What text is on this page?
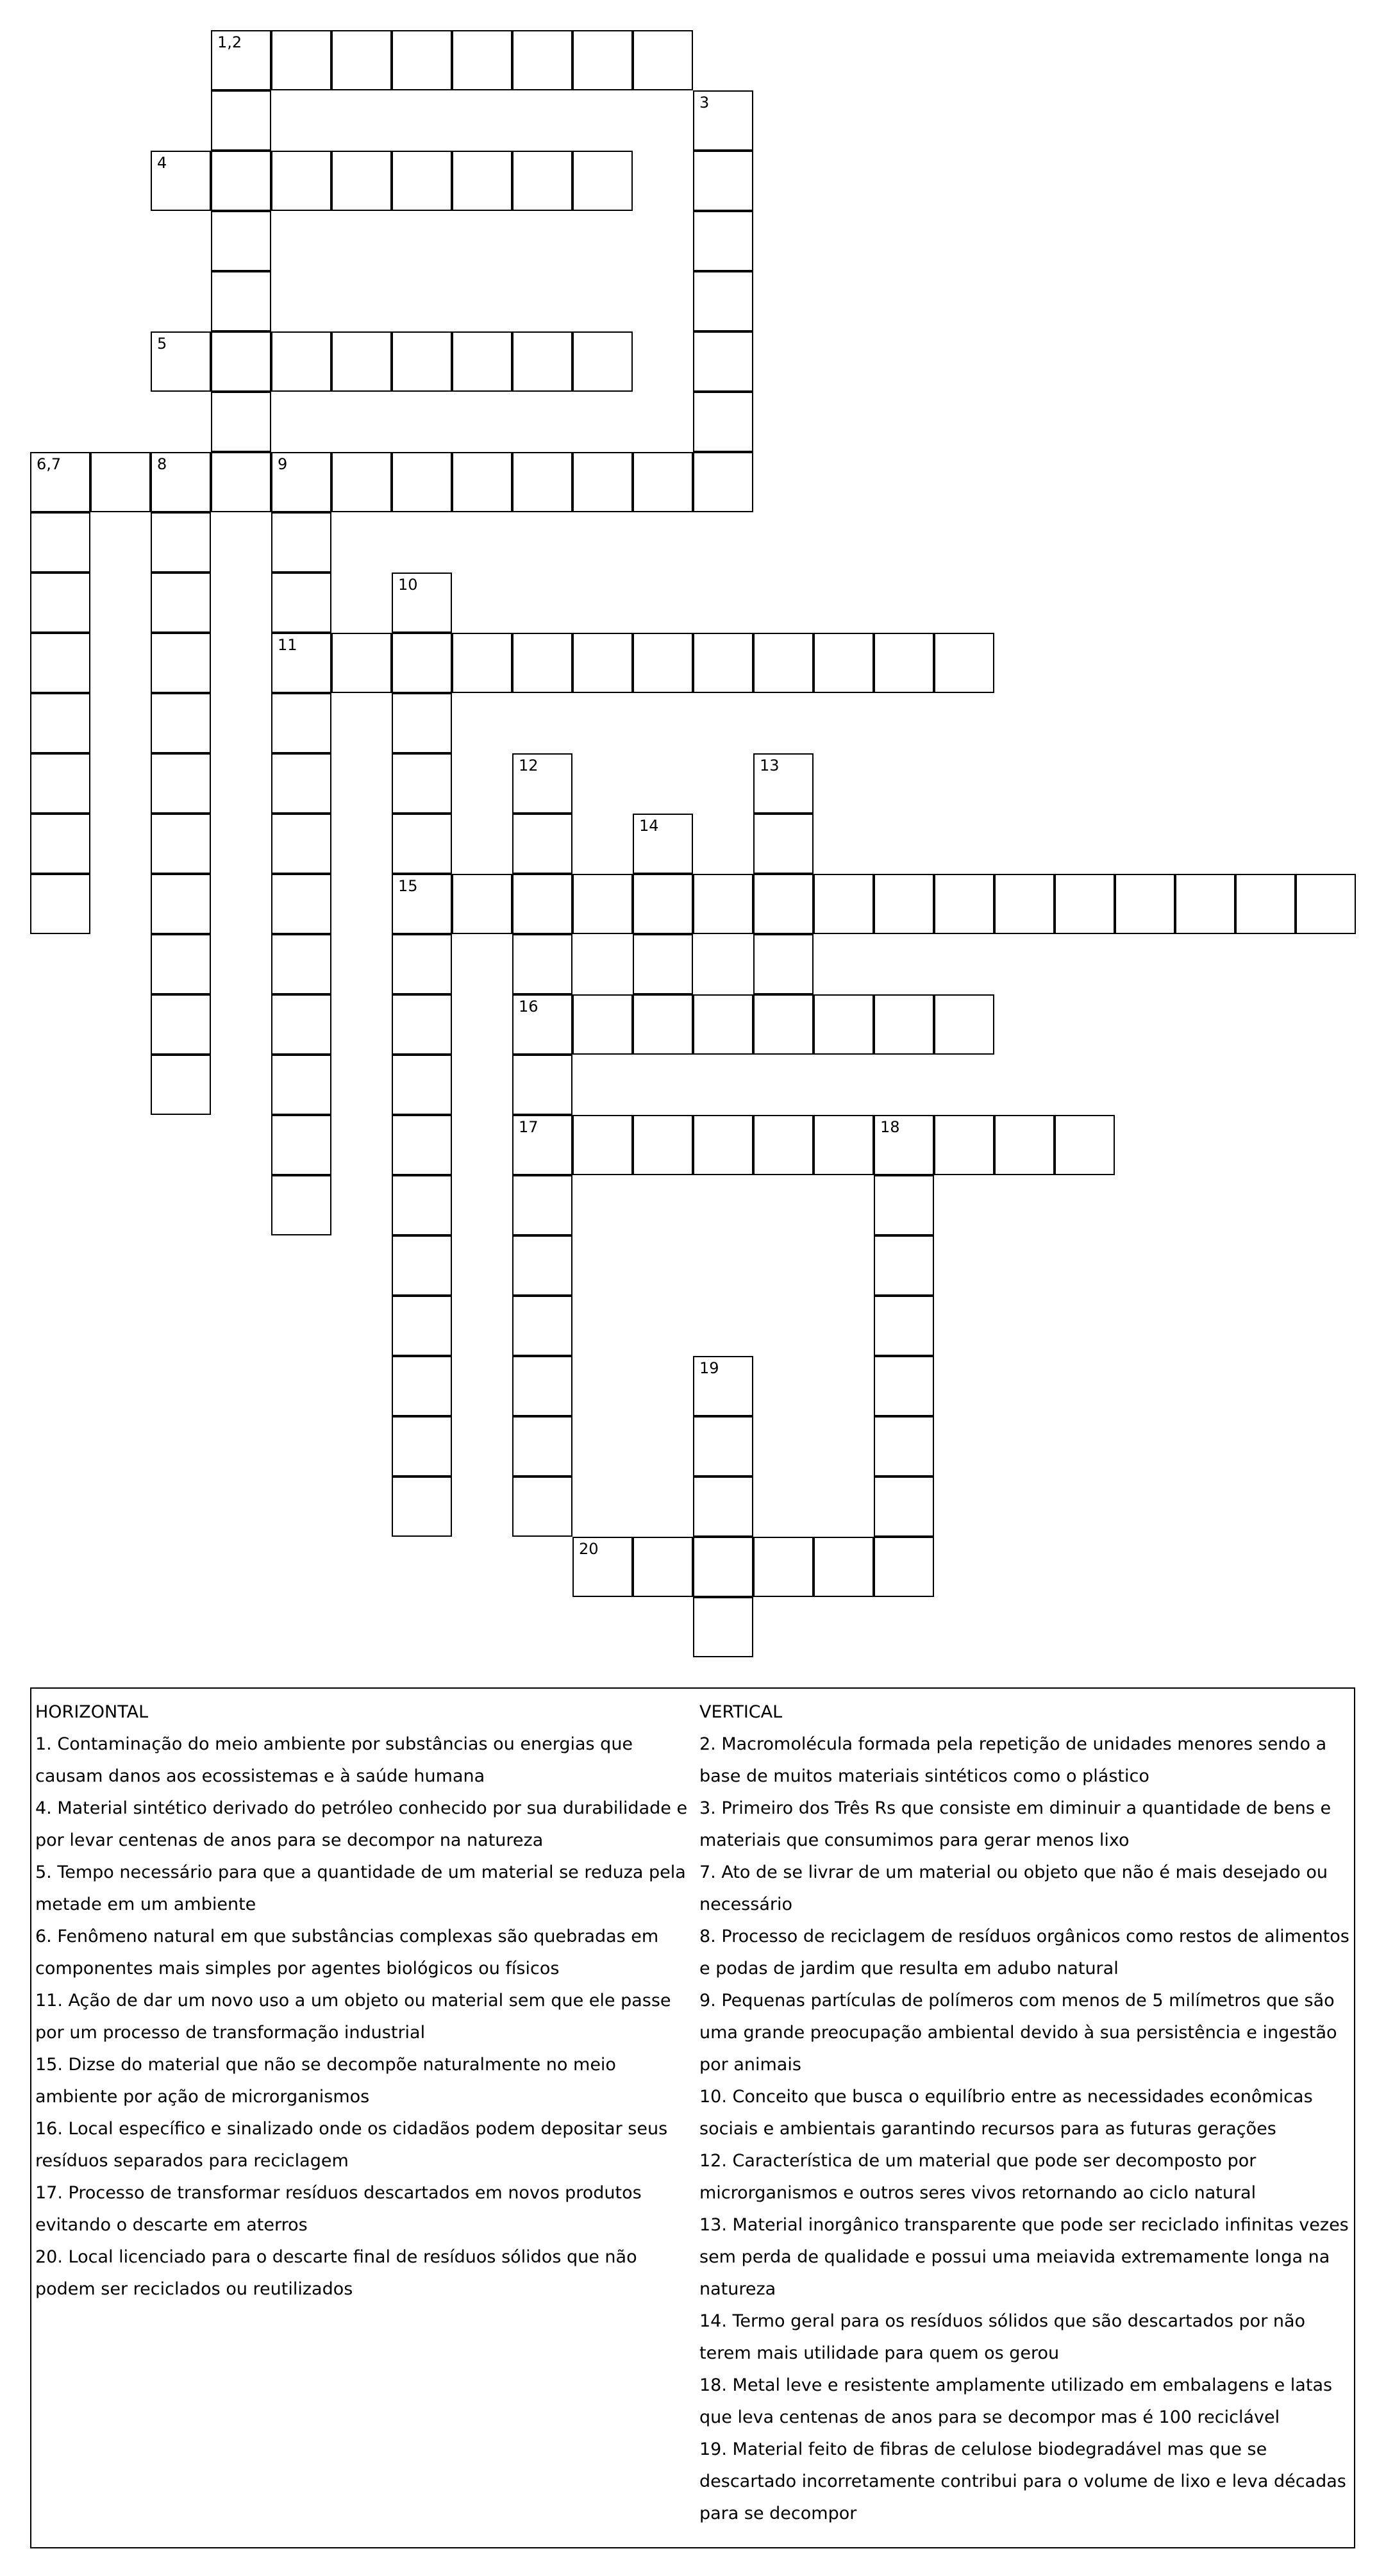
1,2
3
4
5
6,7	8	9
11
10
15
12
16
17
13
14
18
19
20
HORIZONTAL
1. Contaminação do meio ambiente por substâncias ou energias que causam danos aos ecossistemas e à saúde humana
4. Material sintético derivado do petróleo conhecido por sua durabilidade e por levar centenas de anos para se decompor na natureza
5. Tempo necessário para que a quantidade de um material se reduza pela metade em um ambiente
6. Fenômeno natural em que substâncias complexas são quebradas em componentes mais simples por agentes biológicos ou físicos
11. Ação de dar um novo uso a um objeto ou material sem que ele passe por um processo de transformação industrial
15. Dizse do material que não se decompõe naturalmente no meio ambiente por ação de microrganismos
16. Local específico e sinalizado onde os cidadãos podem depositar seus resíduos separados para reciclagem
17. Processo de transformar resíduos descartados em novos produtos evitando o descarte em aterros
20. Local licenciado para o descarte final de resíduos sólidos que não podem ser reciclados ou reutilizados
VERTICAL
2. Macromolécula formada pela repetição de unidades menores sendo a base de muitos materiais sintéticos como o plástico
3. Primeiro dos Três Rs que consiste em diminuir a quantidade de bens e materiais que consumimos para gerar menos lixo
7. Ato de se livrar de um material ou objeto que não é mais desejado ou necessário
8. Processo de reciclagem de resíduos orgânicos como restos de alimentos e podas de jardim que resulta em adubo natural
9. Pequenas partículas de polímeros com menos de 5 milímetros que são uma grande preocupação ambiental devido à sua persistência e ingestão por animais
10. Conceito que busca o equilíbrio entre as necessidades econômicas sociais e ambientais garantindo recursos para as futuras gerações
12. Característica de um material que pode ser decomposto por microrganismos e outros seres vivos retornando ao ciclo natural
13. Material inorgânico transparente que pode ser reciclado infinitas vezes sem perda de qualidade e possui uma meiavida extremamente longa na natureza
14. Termo geral para os resíduos sólidos que são descartados por não terem mais utilidade para quem os gerou
18. Metal leve e resistente amplamente utilizado em embalagens e latas que leva centenas de anos para se decompor mas é 100 reciclável
19. Material feito de fibras de celulose biodegradável mas que se descartado incorretamente contribui para o volume de lixo e leva décadas para se decompor
